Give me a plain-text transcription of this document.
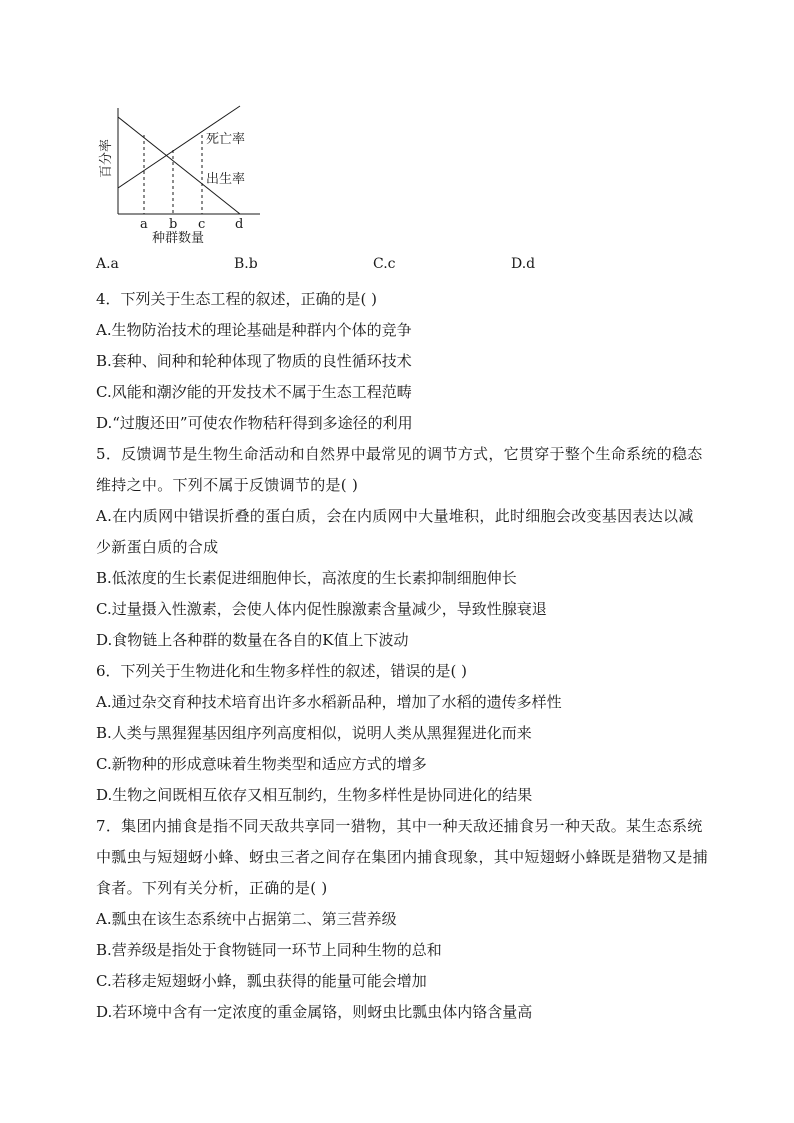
百分率	死亡率
出生率
a b c d
种群数量
A.a	B.b	C.c	D.d
4．下列关于生态工程的叙述，正确的是( )
A.生物防治技术的理论基础是种群内个体的竞争
B.套种、间种和轮种体现了物质的良性循环技术
C.风能和潮汐能的开发技术不属于生态工程范畴
D.“过腹还田”可使农作物秸秆得到多途径的利用
5．反馈调节是生物生命活动和自然界中最常见的调节方式，它贯穿于整个生命系统的稳态维持之中。下列不属于反馈调节的是( )
A.在内质网中错误折叠的蛋白质，会在内质网中大量堆积，此时细胞会改变基因表达以减少新蛋白质的合成
B.低浓度的生长素促进细胞伸长，高浓度的生长素抑制细胞伸长
C.过量摄入性激素，会使人体内促性腺激素含量减少，导致性腺衰退
D.食物链上各种群的数量在各自的K值上下波动
6．下列关于生物进化和生物多样性的叙述，错误的是( )
A.通过杂交育种技术培育出许多水稻新品种，增加了水稻的遗传多样性
B.人类与黑猩猩基因组序列高度相似，说明人类从黑猩猩进化而来
C.新物种的形成意味着生物类型和适应方式的增多
D.生物之间既相互依存又相互制约，生物多样性是协同进化的结果
7．集团内捕食是指不同天敌共享同一猎物，其中一种天敌还捕食另一种天敌。某生态系统中瓢虫与短翅蚜小蜂、蚜虫三者之间存在集团内捕食现象，其中短翅蚜小蜂既是猎物又是捕食者。下列有关分析，正确的是( )
A.瓢虫在该生态系统中占据第二、第三营养级
B.营养级是指处于食物链同一环节上同种生物的总和
C.若移走短翅蚜小蜂，瓢虫获得的能量可能会增加
D.若环境中含有一定浓度的重金属铬，则蚜虫比瓢虫体内铬含量高
